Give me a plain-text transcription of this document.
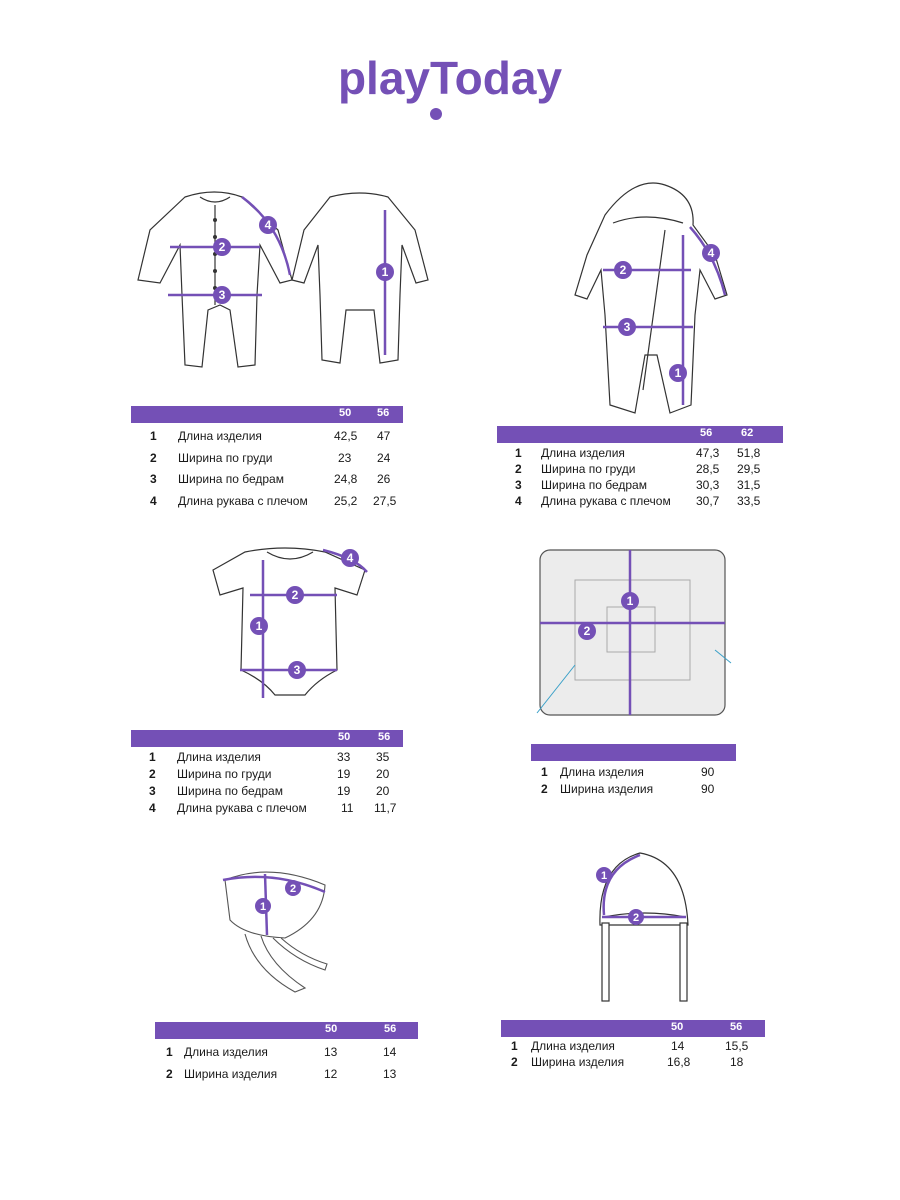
playToday
2
3
4
1	2
3
1
4
2
3
1
4
1
2
2
1
1
2
50 56
1 Длина изделия	42,5 47
2 Ширина по груди	23 24
3 Ширина по бедрам	24,8 26
4 Длина рукава с плечом 25,2 27,5
56	62
1 Длина изделия	47,3 51,8
2 Ширина по груди	28,5 29,5
3 Ширина по бедрам	30,3 31,5
4 Длина рукава с плечом 30,7 33,5
50	56
1 Длина изделия	33 35
2 Ширина по груди	19 20
3 Ширина по бедрам	19 20
4 Длина рукава с плечом	11 11,7
1 Длина изделия	90
2 Ширина изделия	90
50	56
1 Длина изделия	13	14
2 Ширина изделия	12	13
50	56
1 Длина изделия	14	15,5
2 Ширина изделия	16,8	18
